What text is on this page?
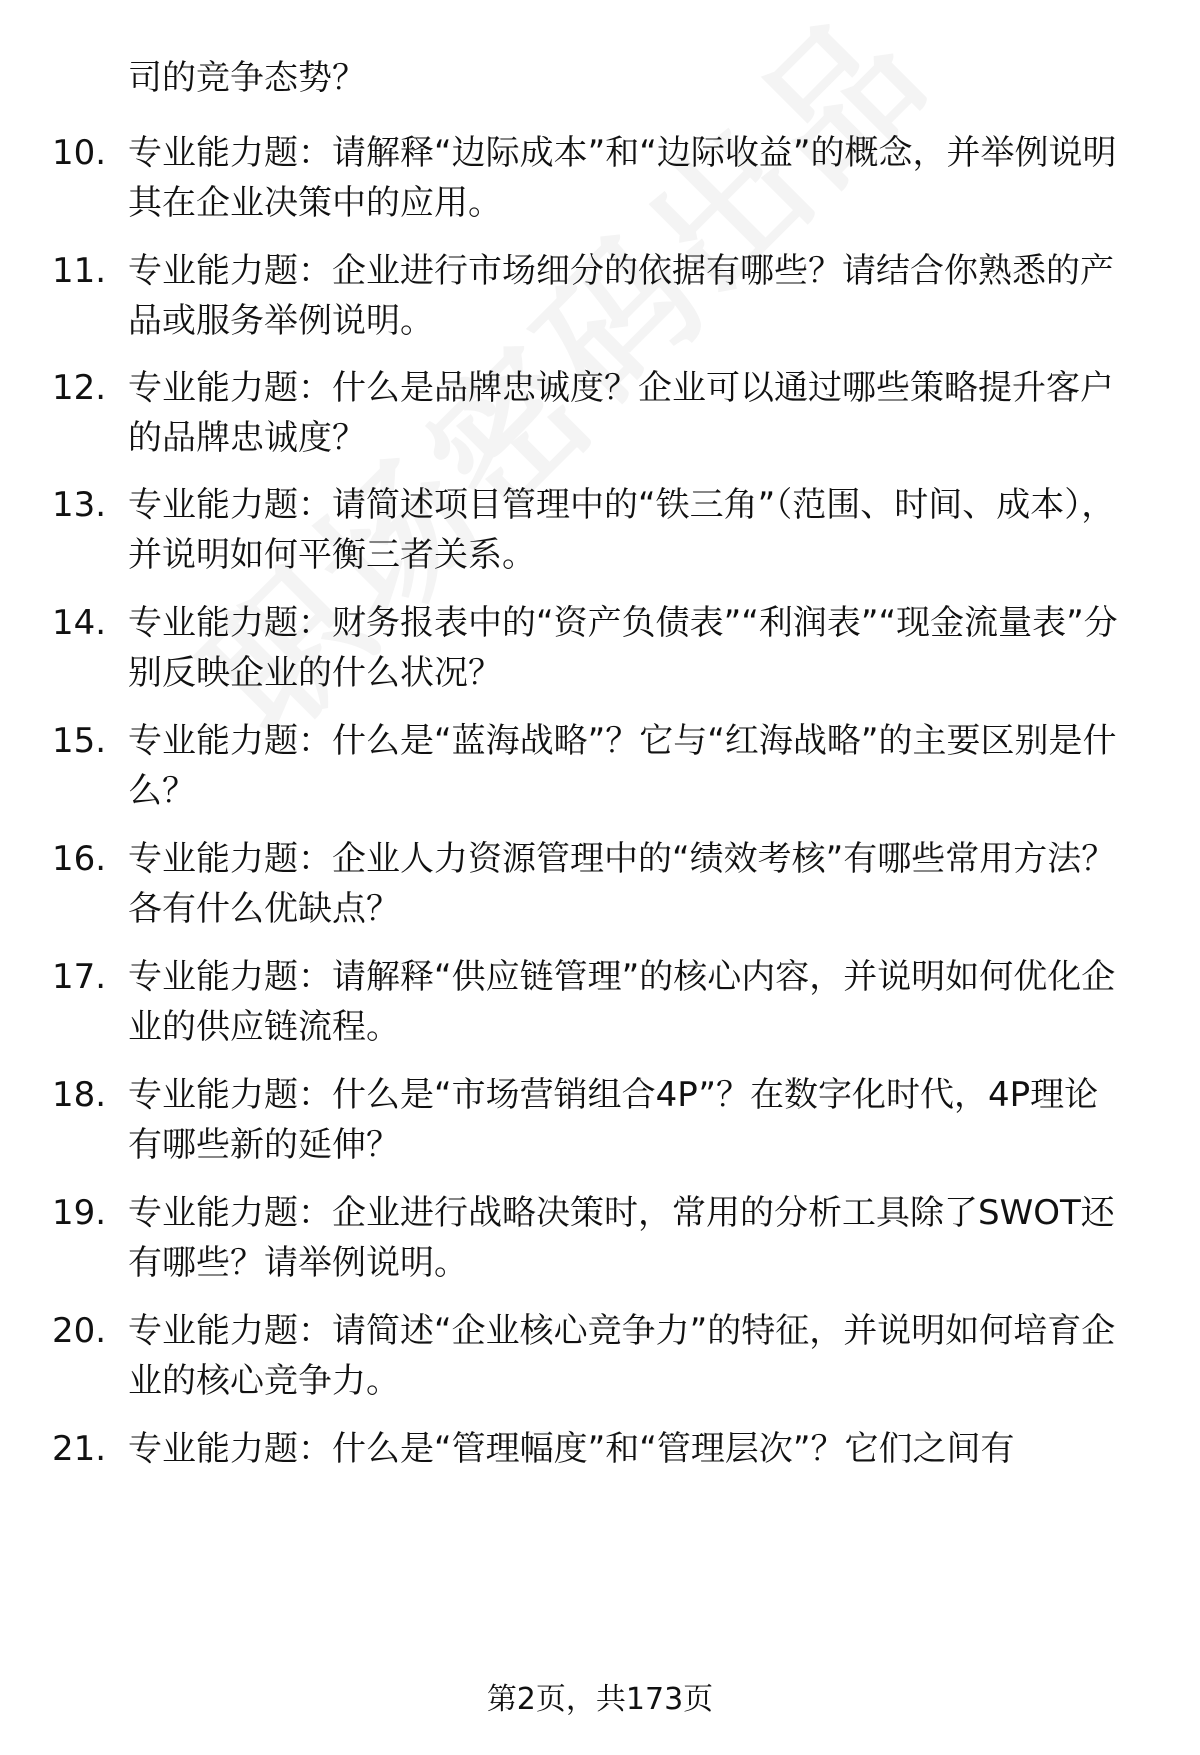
司的竞争态势？

10. 专业能力题：请解释“边际成本”和“边际收益”的概念，并举例说明其在企业决策中的应用。
11. 专业能力题：企业进行市场细分的依据有哪些？请结合你熟悉的产品或服务举例说明。
12. 专业能力题：什么是品牌忠诚度？企业可以通过哪些策略提升客户的品牌忠诚度？
13. 专业能力题：请简述项目管理中的“铁三角”（范围、时间、成本），并说明如何平衡三者关系。
14. 专业能力题：财务报表中的“资产负债表”“利润表”“现金流量表”分别反映企业的什么状况？
15. 专业能力题：什么是“蓝海战略”？它与“红海战略”的主要区别是什么？
16. 专业能力题：企业人力资源管理中的“绩效考核”有哪些常用方法？各有什么优缺点？
17. 专业能力题：请解释“供应链管理”的核心内容，并说明如何优化企业的供应链流程。
18. 专业能力题：什么是“市场营销组合4P”？在数字化时代，4P理论有哪些新的延伸？
19. 专业能力题：企业进行战略决策时，常用的分析工具除了SWOT还有哪些？请举例说明。
20. 专业能力题：请简述“企业核心竞争力”的特征，并说明如何培育企业的核心竞争力。
21. 专业能力题：什么是“管理幅度”和“管理层次”？它们之间有
第2页，共173页
